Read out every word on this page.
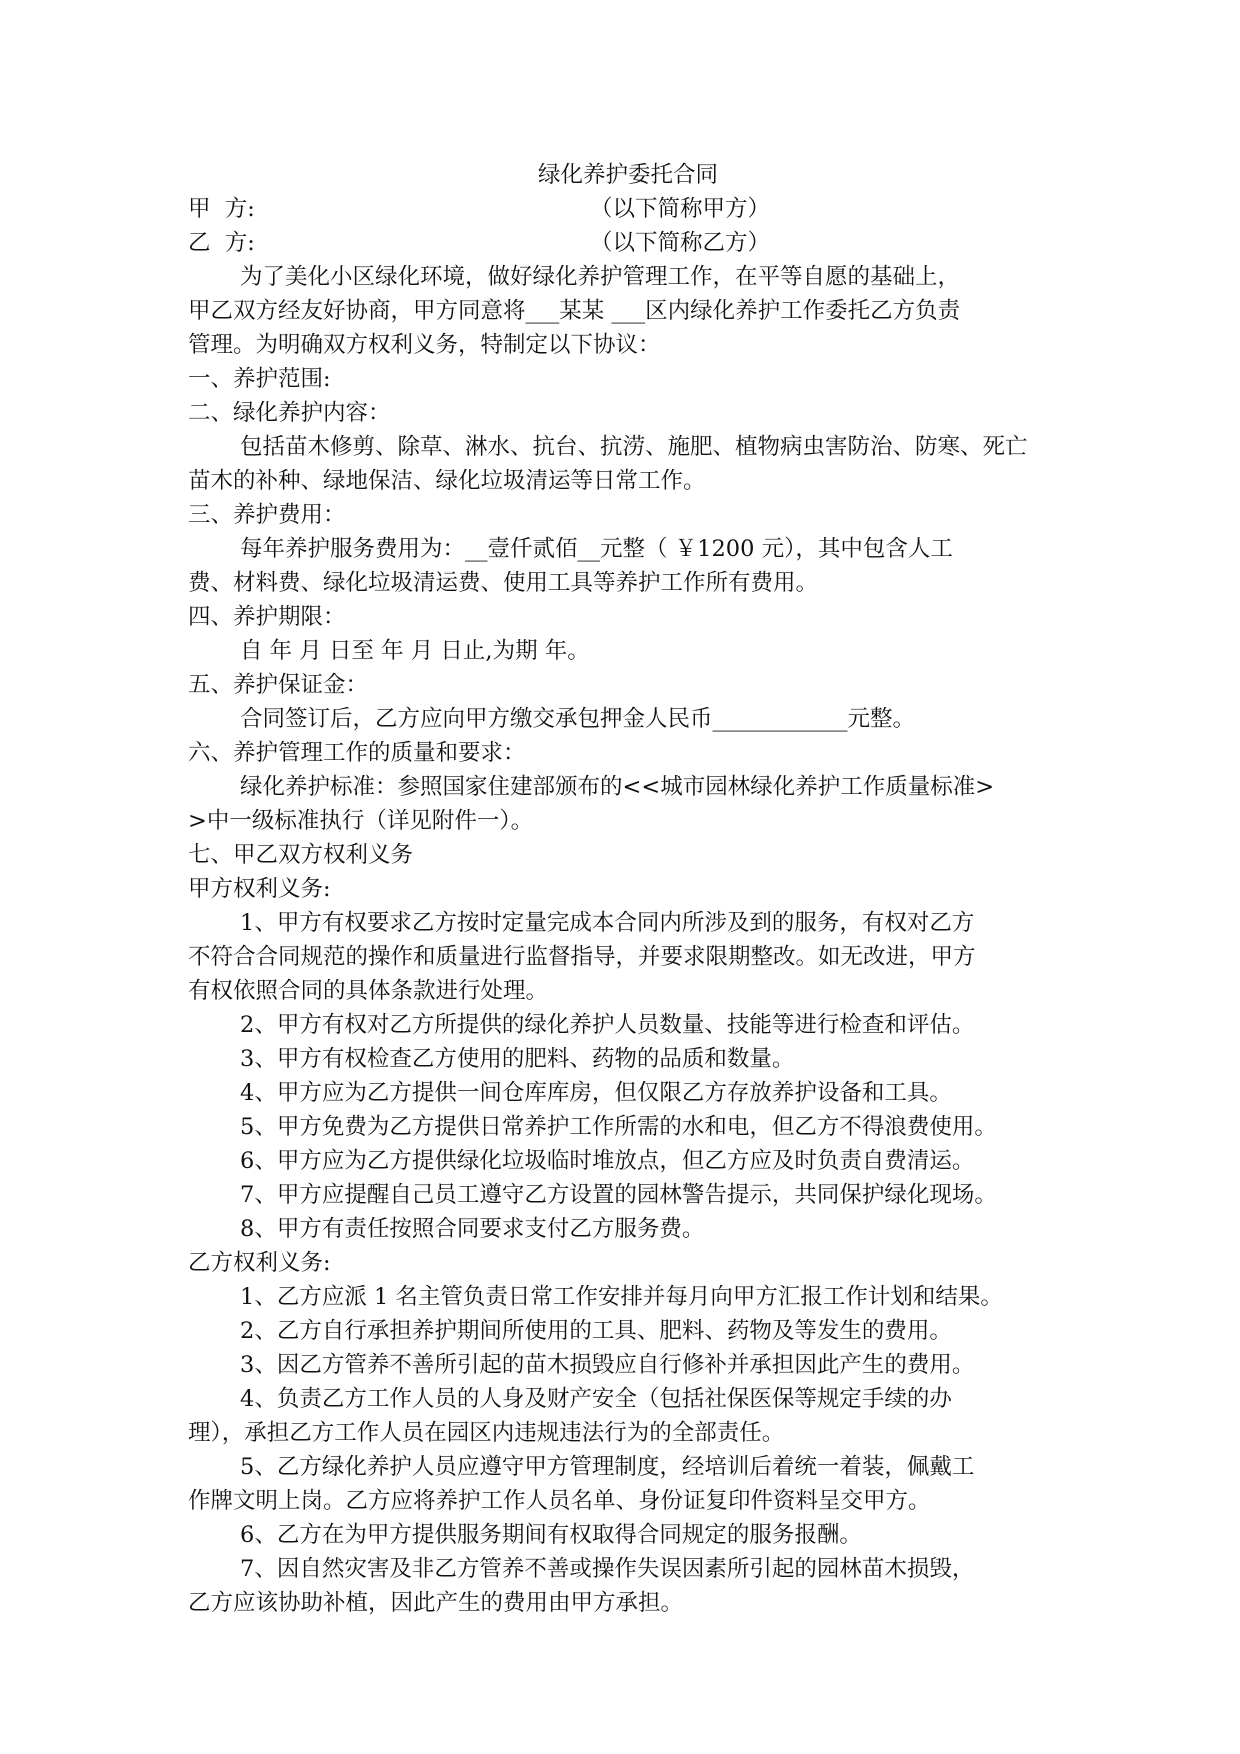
绿化养护委托合同
甲  方:	（以下简称甲方）
乙  方:	（以下简称乙方）
为了美化小区绿化环境，做好绿化养护管理工作，在平等自愿的基础上，
甲乙双方经友好协商，甲方同意将___某某 ___区内绿化养护工作委托乙方负责
管理。为明确双方权利义务，特制定以下协议：
一、养护范围:
二、绿化养护内容：
包括苗木修剪、除草、淋水、抗台、抗涝、施肥、植物病虫害防治、防寒、死亡
苗木的补种、绿地保洁、绿化垃圾清运等日常工作。
三、养护费用：
每年养护服务费用为：__壹仟贰佰__元整（ ￥1200 元），其中包含人工
费、材料费、绿化垃圾清运费、使用工具等养护工作所有费用。
四、养护期限：
自 年 月 日至 年 月 日止,为期 年。
五、养护保证金：
合同签订后，乙方应向甲方缴交承包押金人民币____________元整。
六、养护管理工作的质量和要求：
绿化养护标准：参照国家住建部颁布的<<城市园林绿化养护工作质量标准>
>中一级标准执行（详见附件一）。
七、甲乙双方权利义务
甲方权利义务:
1、甲方有权要求乙方按时定量完成本合同内所涉及到的服务，有权对乙方
不符合合同规范的操作和质量进行监督指导，并要求限期整改。如无改进，甲方
有权依照合同的具体条款进行处理。
2、甲方有权对乙方所提供的绿化养护人员数量、技能等进行检查和评估。
3、甲方有权检查乙方使用的肥料、药物的品质和数量。
4、甲方应为乙方提供一间仓库库房，但仅限乙方存放养护设备和工具。
5、甲方免费为乙方提供日常养护工作所需的水和电，但乙方不得浪费使用。
6、甲方应为乙方提供绿化垃圾临时堆放点，但乙方应及时负责自费清运。
7、甲方应提醒自己员工遵守乙方设置的园林警告提示，共同保护绿化现场。
8、甲方有责任按照合同要求支付乙方服务费。
乙方权利义务:
1、乙方应派 1 名主管负责日常工作安排并每月向甲方汇报工作计划和结果。
2、乙方自行承担养护期间所使用的工具、肥料、药物及等发生的费用。
3、因乙方管养不善所引起的苗木损毁应自行修补并承担因此产生的费用。
4、负责乙方工作人员的人身及财产安全（包括社保医保等规定手续的办
理），承担乙方工作人员在园区内违规违法行为的全部责任。
5、乙方绿化养护人员应遵守甲方管理制度，经培训后着统一着装，佩戴工
作牌文明上岗。乙方应将养护工作人员名单、身份证复印件资料呈交甲方。
6、乙方在为甲方提供服务期间有权取得合同规定的服务报酬。
7、因自然灾害及非乙方管养不善或操作失误因素所引起的园林苗木损毁，
乙方应该协助补植，因此产生的费用由甲方承担。
